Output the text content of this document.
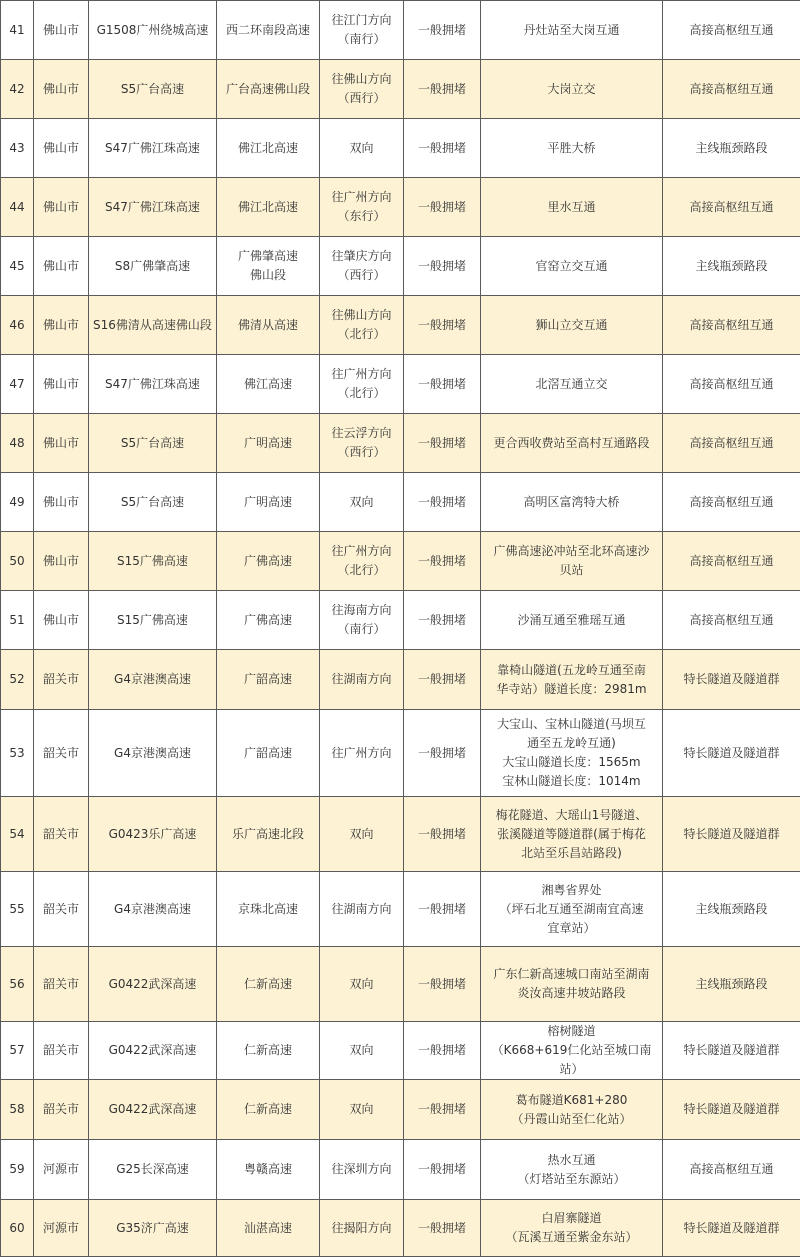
41	佛山市	G1508广州绕城高速	西二环南段高速	往江门方向
（南行）	一般拥堵	丹灶站至大岗互通	高接高枢纽互通
42	佛山市	S5广台高速	广台高速佛山段	往佛山方向
（西行）	一般拥堵	大岗立交	高接高枢纽互通
43	佛山市	S47广佛江珠高速	佛江北高速	双向	一般拥堵	平胜大桥	主线瓶颈路段
44	佛山市	S47广佛江珠高速	佛江北高速	往广州方向
（东行）	一般拥堵	里水互通	高接高枢纽互通
45	佛山市	S8广佛肇高速	广佛肇高速
佛山段	往肇庆方向
（西行）	一般拥堵	官窑立交互通	主线瓶颈路段
46	佛山市	S16佛清从高速佛山段	佛清从高速	往佛山方向
（北行）	一般拥堵	狮山立交互通	高接高枢纽互通
47	佛山市	S47广佛江珠高速	佛江高速	往广州方向
（北行）	一般拥堵	北滘互通立交	高接高枢纽互通
48	佛山市	S5广台高速	广明高速	往云浮方向
（西行）	一般拥堵	更合西收费站至高村互通路段	高接高枢纽互通
49	佛山市	S5广台高速	广明高速	双向	一般拥堵	高明区富湾特大桥	高接高枢纽互通
50	佛山市	S15广佛高速	广佛高速	往广州方向
（北行）	一般拥堵	广佛高速泌冲站至北环高速沙
贝站	高接高枢纽互通
51	佛山市	S15广佛高速	广佛高速	往海南方向
（南行）	一般拥堵	沙涌互通至雅瑶互通	高接高枢纽互通
52	韶关市	G4京港澳高速	广韶高速	往湖南方向	一般拥堵	靠椅山隧道(五龙岭互通至南
华寺站）隧道长度：2981m	特长隧道及隧道群
53	韶关市	G4京港澳高速	广韶高速	往广州方向	一般拥堵	大宝山、宝林山隧道(马坝互
通至五龙岭互通)
大宝山隧道长度：1565m
宝林山隧道长度：1014m	特长隧道及隧道群
54	韶关市	G0423乐广高速	乐广高速北段	双向	一般拥堵	梅花隧道、大瑶山1号隧道、
张溪隧道等隧道群(属于梅花
北站至乐昌站路段)	特长隧道及隧道群
55	韶关市	G4京港澳高速	京珠北高速	往湖南方向	一般拥堵	湘粤省界处
（坪石北互通至湖南宜高速
宜章站）	主线瓶颈路段
56	韶关市	G0422武深高速	仁新高速	双向	一般拥堵	广东仁新高速城口南站至湖南
炎汝高速井坡站路段	主线瓶颈路段
57	韶关市	G0422武深高速	仁新高速	双向	一般拥堵	榕树隧道
（K668+619仁化站至城口南
站）	特长隧道及隧道群
58	韶关市	G0422武深高速	仁新高速	双向	一般拥堵	葛布隧道K681+280
（丹霞山站至仁化站）	特长隧道及隧道群
59	河源市	G25长深高速	粤赣高速	往深圳方向	一般拥堵	热水互通
（灯塔站至东源站）	高接高枢纽互通
60	河源市	G35济广高速	汕湛高速	往揭阳方向	一般拥堵	白眉寨隧道
（瓦溪互通至紫金东站）	特长隧道及隧道群
